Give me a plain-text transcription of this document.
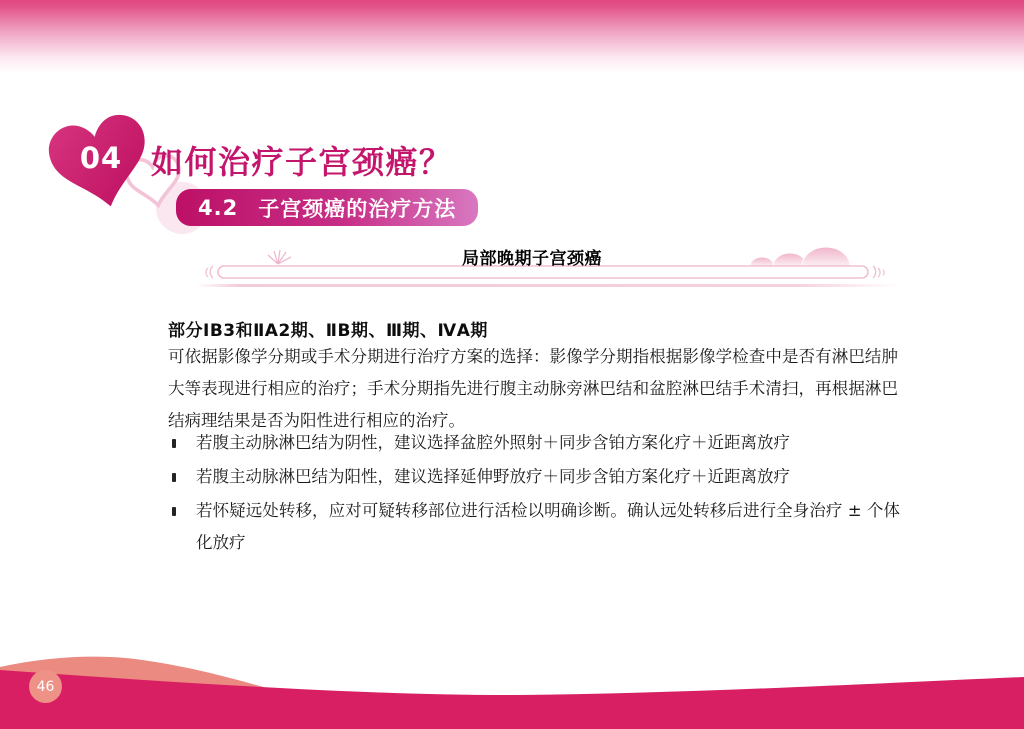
04 如何治疗子宫颈癌？
4.2 子宫颈癌的治疗方法
局部晚期子宫颈癌
部分ⅠB3和ⅡA2期、ⅡB期、Ⅲ期、ⅣA期

可依据影像学分期或手术分期进行治疗方案的选择：影像学分期指根据影像学检查中是否有淋巴结肿大等表现进行相应的治疗；手术分期指先进行腹主动脉旁淋巴结和盆腔淋巴结手术清扫，再根据淋巴结病理结果是否为阳性进行相应的治疗。

若腹主动脉淋巴结为阴性，建议选择盆腔外照射＋同步含铂方案化疗＋近距离放疗
若腹主动脉淋巴结为阳性，建议选择延伸野放疗＋同步含铂方案化疗＋近距离放疗
若怀疑远处转移，应对可疑转移部位进行活检以明确诊断。确认远处转移后进行全身治疗 ± 个体化放疗
46
